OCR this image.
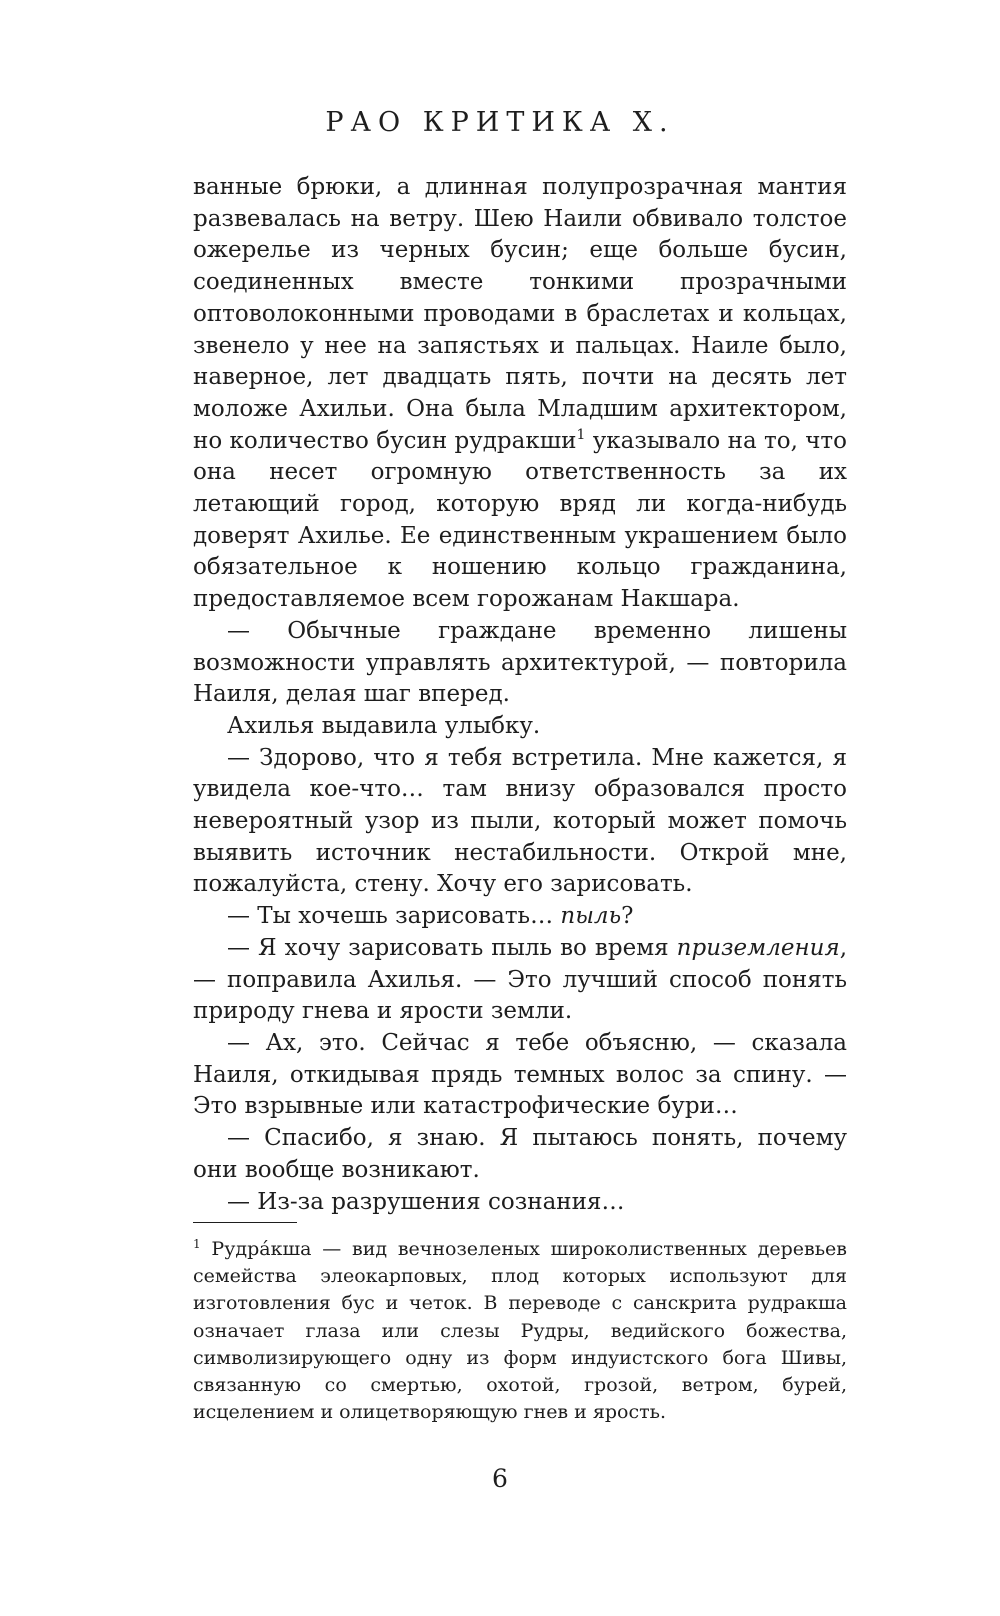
РАО КРИТИКА Х.

ванные брюки, а длинная полупрозрачная мантия развевалась на ветру. Шею Наили обвивало толстое ожерелье из черных бусин; еще больше бусин, соединенных вместе тонкими прозрачными оптоволоконными проводами в браслетах и кольцах, звенело у нее на запястьях и пальцах. Наиле было, наверное, лет двадцать пять, почти на десять лет моложе Ахильи. Она была Младшим архитектором, но количество бусин рудракши$^1$ указывало на то, что она несет огромную ответственность за их летающий город, которую вряд ли когда-нибудь доверят Ахилье. Ее единственным украшением было обязательное к ношению кольцо гражданина, предоставляемое всем горожанам Накшара.

— Обычные граждане временно лишены возможности управлять архитектурой, — повторила Наиля, делая шаг вперед.

Ахилья выдавила улыбку.

— Здорово, что я тебя встретила. Мне кажется, я увидела кое-что… там внизу образовался просто невероятный узор из пыли, который может помочь выявить источник нестабильности. Открой мне, пожалуйста, стену. Хочу его зарисовать.

— Ты хочешь зарисовать… пыль?

— Я хочу зарисовать пыль во время приземления, — поправила Ахилья. — Это лучший способ понять природу гнева и ярости земли.

— Ах, это. Сейчас я тебе объясню, — сказала Наиля, откидывая прядь темных волос за спину. — Это взрывные или катастрофические бури…

— Спасибо, я знаю. Я пытаюсь понять, почему они вообще возникают.

— Из-за разрушения сознания…

$^1$ Рудра́кша — вид вечнозеленых широколиственных деревьев семейства элеокарповых, плод которых используют для изготовления бус и четок. В переводе с санскрита рудракша означает глаза или слезы Рудры, ведийского божества, символизирующего одну из форм индуистского бога Шивы, связанную со смертью, охотой, грозой, ветром, бурей, исцелением и олицетворяющую гнев и ярость.
6
